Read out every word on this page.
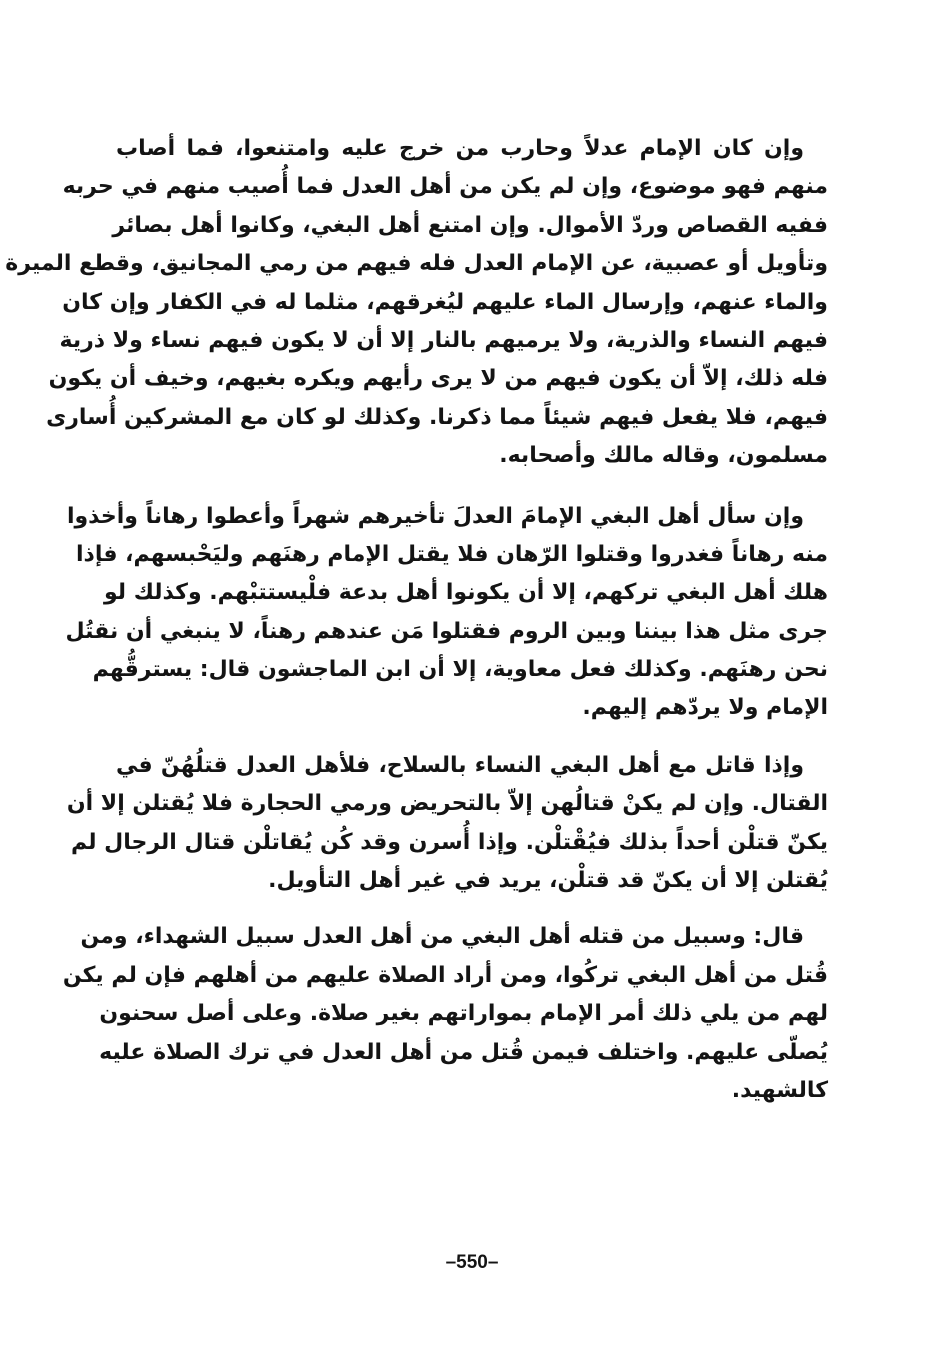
وإن كان الإمام عدلاً وحارب من خرج عليه وامتنعوا، فما أصاب
منهم فهو موضوع، وإن لم يكن من أهل العدل فما أُصيب منهم في حربه
ففيه القصاص وردّ الأموال. وإن امتنع أهل البغي، وكانوا أهل بصائر
وتأويل أو عصبية، عن الإمام العدل فله فيهم من رمي المجانيق، وقطع الميرة
والماء عنهم، وإرسال الماء عليهم ليُغرقهم، مثلما له في الكفار وإن كان
فيهم النساء والذرية، ولا يرميهم بالنار إلا أن لا يكون فيهم نساء ولا ذرية
فله ذلك، إلاّ أن يكون فيهم من لا يرى رأيهم ويكره بغيهم، وخيف أن يكون
فيهم، فلا يفعل فيهم شيئاً مما ذكرنا. وكذلك لو كان مع المشركين أُسارى
مسلمون، وقاله مالك وأصحابه.
وإن سأل أهل البغي الإمامَ العدلَ تأخيرهم شهراً وأعطوا رهاناً وأخذوا
منه رهاناً فغدروا وقتلوا الرّهان فلا يقتل الإمام رهنَهم وليَحْبسهم، فإذا
هلك أهل البغي تركهم، إلا أن يكونوا أهل بدعة فلْيستتبْهم. وكذلك لو
جرى مثل هذا بيننا وبين الروم فقتلوا مَن عندهم رهناً، لا ينبغي أن نقتُل
نحن رهنَهم. وكذلك فعل معاوية، إلا أن ابن الماجشون قال: يسترقُّهم
الإمام ولا يردّهم إليهم.
وإذا قاتل مع أهل البغي النساء بالسلاح، فلأهل العدل قتلُهُنّ في
القتال. وإن لم يكنْ قتالُهن إلاّ بالتحريض ورمي الحجارة فلا يُقتلن إلا أن
يكنّ قتلْن أحداً بذلك فيُقْتلْن. وإذا أُسرن وقد كُن يُقاتلْن قتال الرجال لم
يُقتلن إلا أن يكنّ قد قتلْن، يريد في غير أهل التأويل.
قال: وسبيل من قتله أهل البغي من أهل العدل سبيل الشهداء، ومن
قُتل من أهل البغي تركُوا، ومن أراد الصلاة عليهم من أهلهم فإن لم يكن
لهم من يلي ذلك أمر الإمام بمواراتهم بغير صلاة. وعلى أصل سحنون
يُصلّى عليهم. واختلف فيمن قُتل من أهل العدل في ترك الصلاة عليه
كالشهيد.
–550–
